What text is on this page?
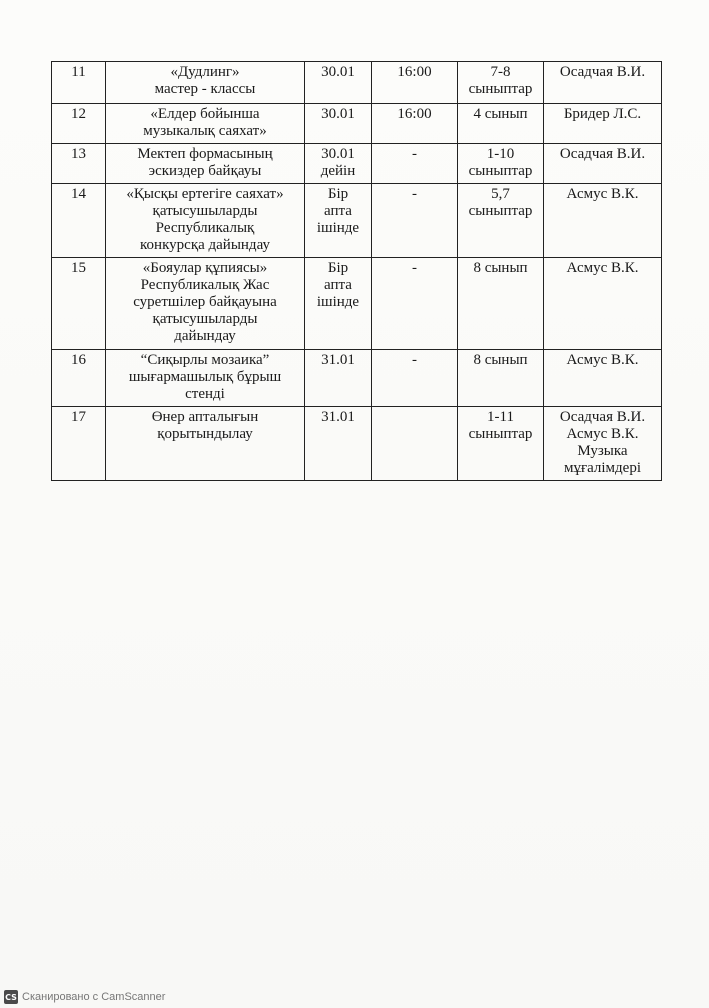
11	«Дудлинг»
мастер - классы	30.01	16:00	7-8
сыныптар	Осадчая В.И.

12	«Елдер бойынша
музыкалық саяхат»	30.01	16:00	4 сынып	Бридер Л.С.

13	Мектеп формасының
эскиздер байқауы	30.01
дейін	-	1-10
сыныптар	Осадчая В.И.

14	«Қысқы ертегіге саяхат»
қатысушыларды
Республикалық
конкурсқа дайындау	Бір
апта
ішінде	-	5,7
сыныптар	Асмус В.К.

15	«Бояулар құпиясы»
Республикалық Жас
суретшілер байқауына
қатысушыларды
дайындау	Бір
апта
ішінде	-	8 сынып	Асмус В.К.

16	“Сиқырлы мозаика”
шығармашылық бұрыш
стенді	31.01	-	8 сынып	Асмус В.К.

17	Өнер апталығын
қорытындылау	31.01		1-11
сыныптар	Осадчая В.И.
Асмус В.К.
Музыка
мұғалімдері
CS Сканировано с CamScanner
